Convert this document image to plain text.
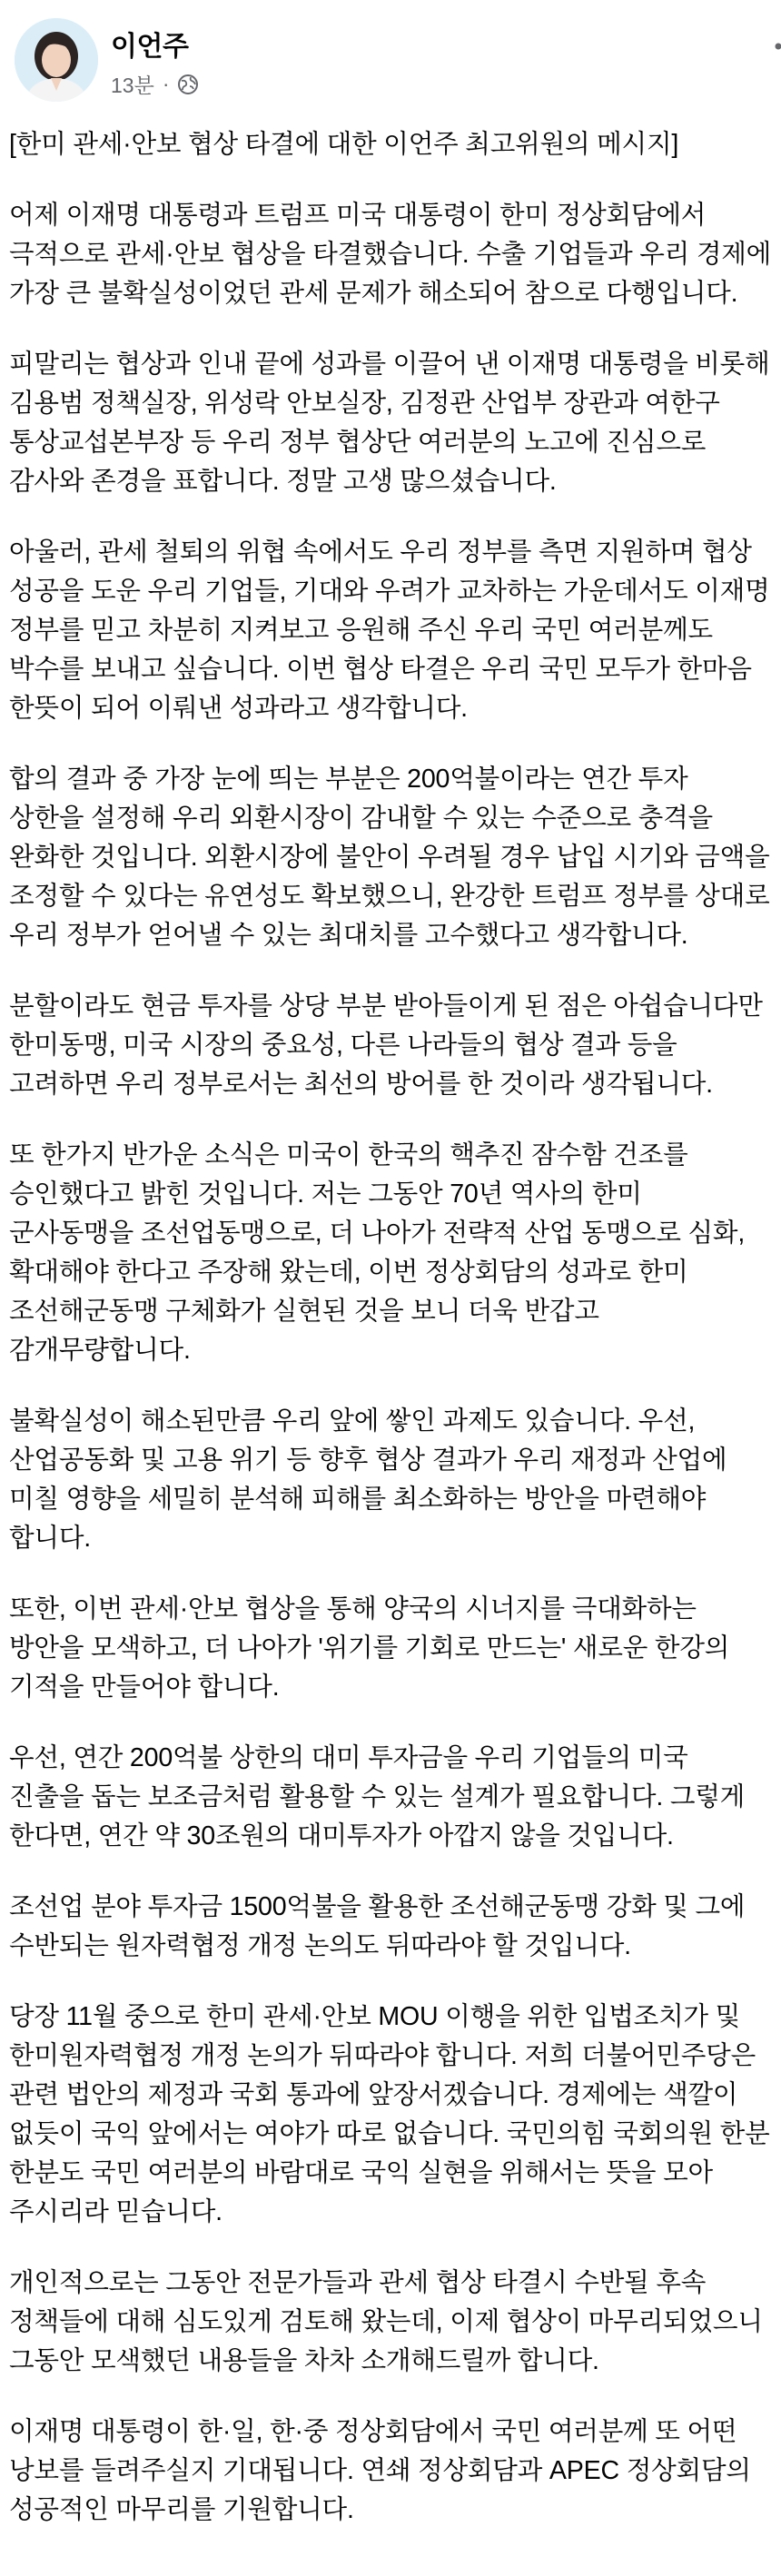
이언주
13분 ·
[한미 관세·안보 협상 타결에 대한 이언주 최고위원의 메시지]
어제 이재명 대통령과 트럼프 미국 대통령이 한미 정상회담에서
극적으로 관세·안보 협상을 타결했습니다. 수출 기업들과 우리 경제에
가장 큰 불확실성이었던 관세 문제가 해소되어 참으로 다행입니다.
피말리는 협상과 인내 끝에 성과를 이끌어 낸 이재명 대통령을 비롯해
김용범 정책실장, 위성락 안보실장, 김정관 산업부 장관과 여한구
통상교섭본부장 등 우리 정부 협상단 여러분의 노고에 진심으로
감사와 존경을 표합니다. 정말 고생 많으셨습니다.
아울러, 관세 철퇴의 위협 속에서도 우리 정부를 측면 지원하며 협상
성공을 도운 우리 기업들, 기대와 우려가 교차하는 가운데서도 이재명
정부를 믿고 차분히 지켜보고 응원해 주신 우리 국민 여러분께도
박수를 보내고 싶습니다. 이번 협상 타결은 우리 국민 모두가 한마음
한뜻이 되어 이뤄낸 성과라고 생각합니다.
합의 결과 중 가장 눈에 띄는 부분은 200억불이라는 연간 투자
상한을 설정해 우리 외환시장이 감내할 수 있는 수준으로 충격을
완화한 것입니다. 외환시장에 불안이 우려될 경우 납입 시기와 금액을
조정할 수 있다는 유연성도 확보했으니, 완강한 트럼프 정부를 상대로
우리 정부가 얻어낼 수 있는 최대치를 고수했다고 생각합니다.
분할이라도 현금 투자를 상당 부분 받아들이게 된 점은 아쉽습니다만
한미동맹, 미국 시장의 중요성, 다른 나라들의 협상 결과 등을
고려하면 우리 정부로서는 최선의 방어를 한 것이라 생각됩니다.
또 한가지 반가운 소식은 미국이 한국의 핵추진 잠수함 건조를
승인했다고 밝힌 것입니다. 저는 그동안 70년 역사의 한미
군사동맹을 조선업동맹으로, 더 나아가 전략적 산업 동맹으로 심화,
확대해야 한다고 주장해 왔는데, 이번 정상회담의 성과로 한미
조선해군동맹 구체화가 실현된 것을 보니 더욱 반갑고
감개무량합니다.
불확실성이 해소된만큼 우리 앞에 쌓인 과제도 있습니다. 우선,
산업공동화 및 고용 위기 등 향후 협상 결과가 우리 재정과 산업에
미칠 영향을 세밀히 분석해 피해를 최소화하는 방안을 마련해야
합니다.
또한, 이번 관세·안보 협상을 통해 양국의 시너지를 극대화하는
방안을 모색하고, 더 나아가 '위기를 기회로 만드는' 새로운 한강의
기적을 만들어야 합니다.
우선, 연간 200억불 상한의 대미 투자금을 우리 기업들의 미국
진출을 돕는 보조금처럼 활용할 수 있는 설계가 필요합니다. 그렇게
한다면, 연간 약 30조원의 대미투자가 아깝지 않을 것입니다.
조선업 분야 투자금 1500억불을 활용한 조선해군동맹 강화 및 그에
수반되는 원자력협정 개정 논의도 뒤따라야 할 것입니다.
당장 11월 중으로 한미 관세·안보 MOU 이행을 위한 입법조치가 및
한미원자력협정 개정 논의가 뒤따라야 합니다. 저희 더불어민주당은
관련 법안의 제정과 국회 통과에 앞장서겠습니다. 경제에는 색깔이
없듯이 국익 앞에서는 여야가 따로 없습니다. 국민의힘 국회의원 한분
한분도 국민 여러분의 바람대로 국익 실현을 위해서는 뜻을 모아
주시리라 믿습니다.
개인적으로는 그동안 전문가들과 관세 협상 타결시 수반될 후속
정책들에 대해 심도있게 검토해 왔는데, 이제 협상이 마무리되었으니
그동안 모색했던 내용들을 차차 소개해드릴까 합니다.
이재명 대통령이 한·일, 한·중 정상회담에서 국민 여러분께 또 어떤
낭보를 들려주실지 기대됩니다. 연쇄 정상회담과 APEC 정상회담의
성공적인 마무리를 기원합니다.
